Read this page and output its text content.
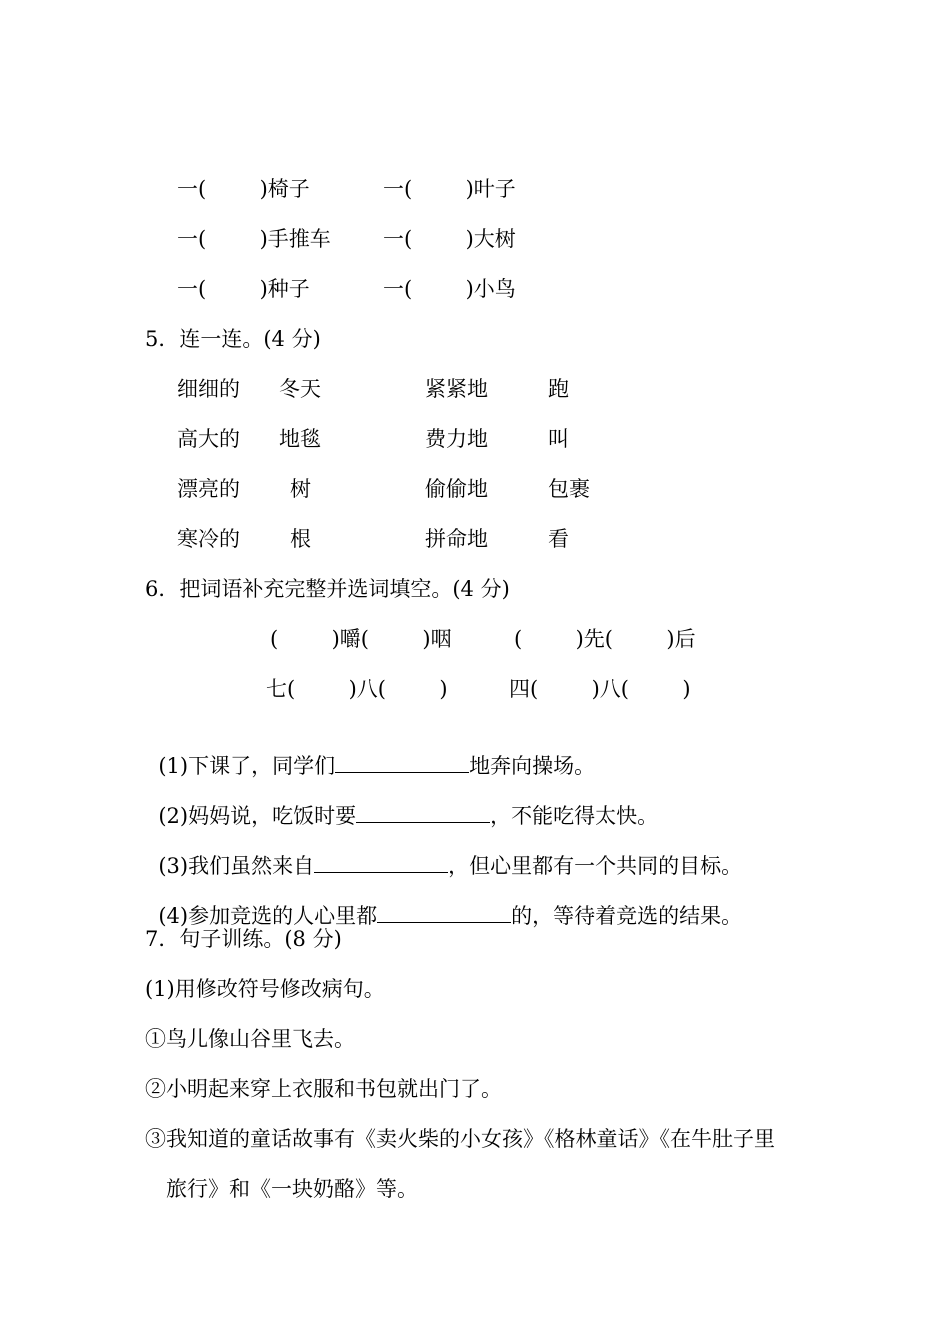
一(        )椅子	一(        )叶子
一(        )手推车 一(        )大树
一(        )种子	一(        )小鸟
5．连一连。(4 分)
细细的 冬天	紧紧地	跑
高大的 地毯	费力地	叫
漂亮的 树	偷偷地	包裹
寒冷的 根	拼命地	看
6．把词语补充完整并选词填空。(4 分)
(        )嚼(        )咽	(        )先(        )后
七(        )八(        )	四(        )八(        )

(1)下课了，同学们	地奔向操场。

(2)妈妈说，吃饭时要	，不能吃得太快。

(3)我们虽然来自	，但心里都有一个共同的目标。

(4)参加竞选的人心里都	的，等待着竞选的结果。

7．句子训练。(8 分)
(1)用修改符号修改病句。
①鸟儿像山谷里飞去。
②小明起来穿上衣服和书包就出门了。
③我知道的童话故事有《卖火柴的小女孩》《格林童话》《在牛肚子里
旅行》和《一块奶酪》等。
